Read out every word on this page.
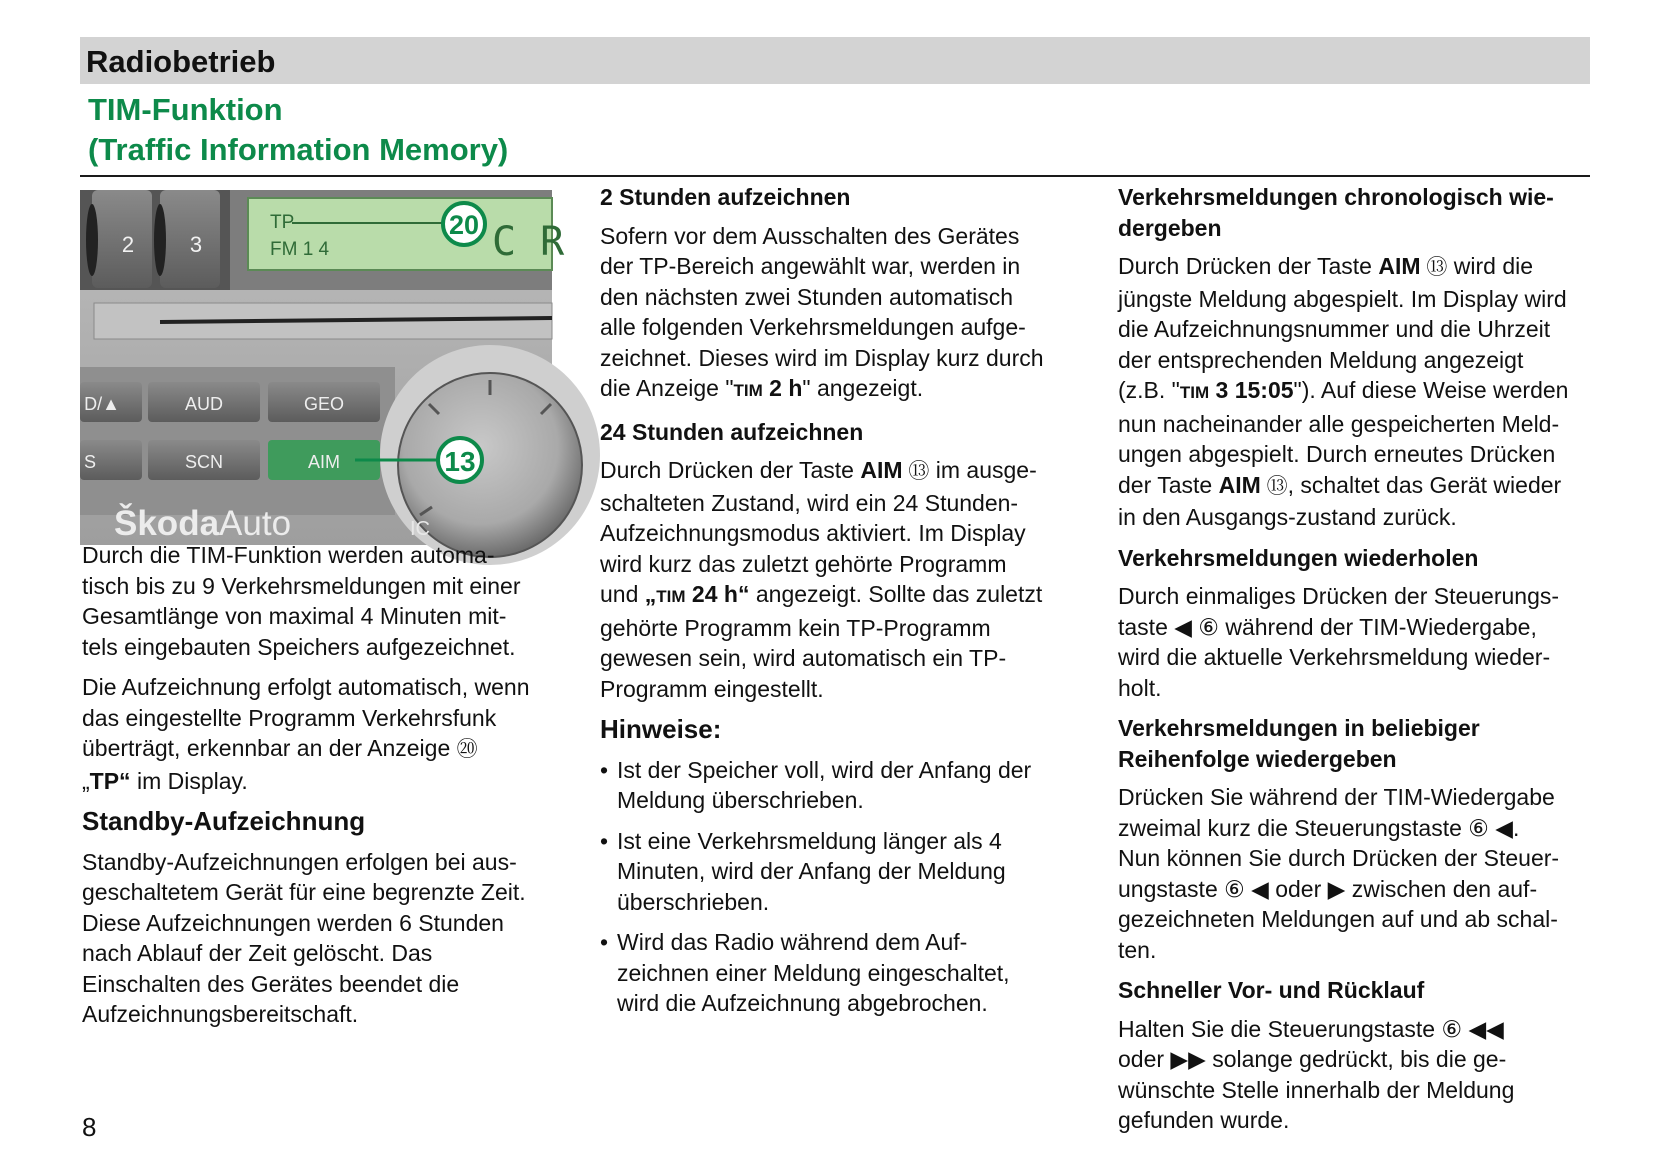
Radiobetrieb
TIM-Funktion
(Traffic Information Memory)
2	3
TP
FM 1 4	C R
20
D/▲	AUD	GEO
S	SCN	AIM
IC
13
ŠkodaAuto
Durch die TIM-Funktion werden automa-
tisch bis zu 9 Verkehrsmeldungen mit einer
Gesamtlänge von maximal 4 Minuten mit-
tels eingebauten Speichers aufgezeichnet.
Die Aufzeichnung erfolgt automatisch, wenn
das eingestellte Programm Verkehrsfunk
überträgt, erkennbar an der Anzeige ⑳
„TP“ im Display.
Standby-Aufzeichnung
Standby-Aufzeichnungen erfolgen bei aus-
geschaltetem Gerät für eine begrenzte Zeit.
Diese Aufzeichnungen werden 6 Stunden
nach Ablauf der Zeit gelöscht. Das
Einschalten des Gerätes beendet die
Aufzeichnungsbereitschaft.
2 Stunden aufzeichnen
Sofern vor dem Ausschalten des Gerätes
der TP-Bereich angewählt war, werden in
den nächsten zwei Stunden automatisch
alle folgenden Verkehrsmeldungen aufge-
zeichnet. Dieses wird im Display kurz durch
die Anzeige "TIM 2 h" angezeigt.
24 Stunden aufzeichnen
Durch Drücken der Taste AIM ⑬ im ausge-
schalteten Zustand, wird ein 24 Stunden-
Aufzeichnungsmodus aktiviert. Im Display
wird kurz das zuletzt gehörte Programm
und „TIM 24 h“ angezeigt. Sollte das zuletzt
gehörte Programm kein TP-Programm
gewesen sein, wird automatisch ein TP-
Programm eingestellt.
Hinweise:
• Ist der Speicher voll, wird der Anfang der
Meldung überschrieben.
• Ist eine Verkehrsmeldung länger als 4
Minuten, wird der Anfang der Meldung
überschrieben.
• Wird das Radio während dem Auf-
zeichnen einer Meldung eingeschaltet,
wird die Aufzeichnung abgebrochen.
Verkehrsmeldungen chronologisch wie-
dergeben
Durch Drücken der Taste AIM ⑬ wird die
jüngste Meldung abgespielt. Im Display wird
die Aufzeichnungsnummer und die Uhrzeit
der entsprechenden Meldung angezeigt
(z.B. "TIM 3 15:05"). Auf diese Weise werden
nun nacheinander alle gespeicherten Meld-
ungen abgespielt. Durch erneutes Drücken
der Taste AIM ⑬, schaltet das Gerät wieder
in den Ausgangs-zustand zurück.
Verkehrsmeldungen wiederholen
Durch einmaliges Drücken der Steuerungs-
taste ◀ ⑥ während der TIM-Wiedergabe,
wird die aktuelle Verkehrsmeldung wieder-
holt.
Verkehrsmeldungen in beliebiger
Reihenfolge wiedergeben
Drücken Sie während der TIM-Wiedergabe
zweimal kurz die Steuerungstaste ⑥ ◀.
Nun können Sie durch Drücken der Steuer-
ungstaste ⑥ ◀ oder ▶ zwischen den auf-
gezeichneten Meldungen auf und ab schal-
ten.
Schneller Vor- und Rücklauf
Halten Sie die Steuerungstaste ⑥ ◀◀
oder ▶▶ solange gedrückt, bis die ge-
wünschte Stelle innerhalb der Meldung
gefunden wurde.
8
